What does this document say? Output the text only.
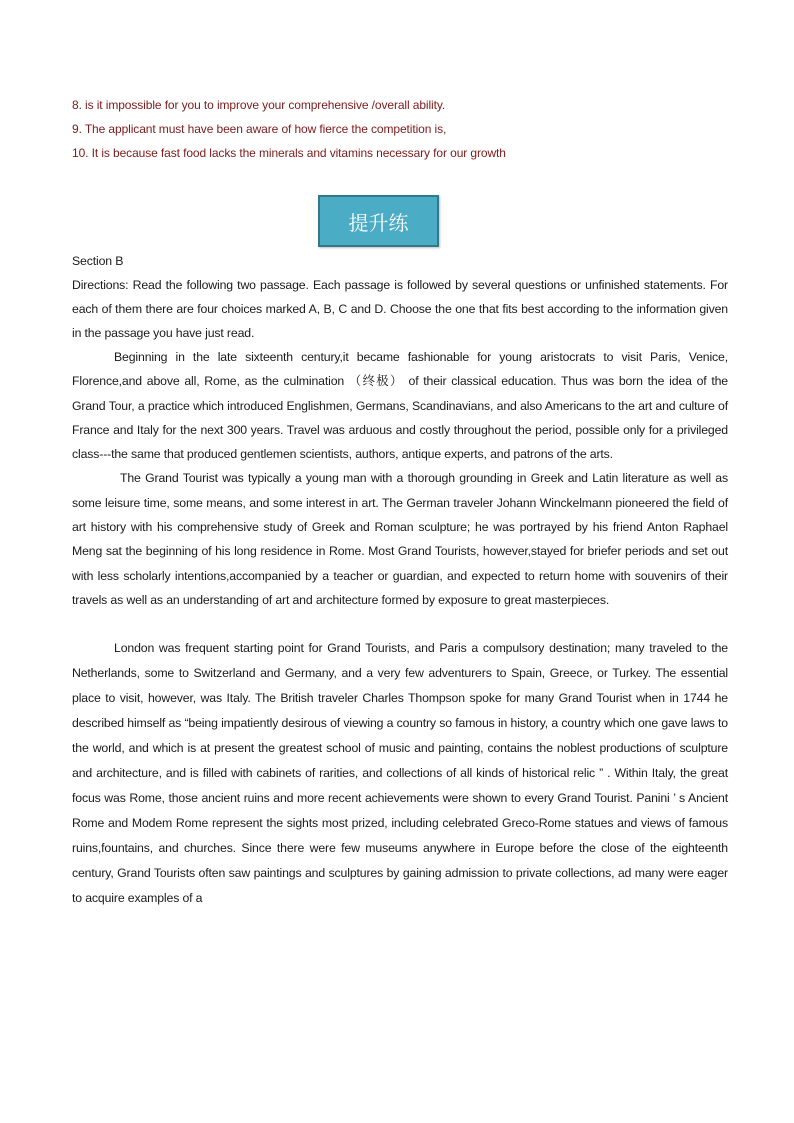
8. is it impossible for you to improve your comprehensive /overall ability.

9. The applicant must have been aware of how fierce the competition is,

10. It is because fast food lacks the minerals and vitamins necessary for our growth

提升练

Section B

Directions: Read the following two passage. Each passage is followed by several questions or unfinished statements. For each of them there are four choices marked A, B, C and D. Choose the one that fits best according to the information given in the passage you have just read.

Beginning in the late sixteenth century,it became fashionable for young aristocrats to visit Paris, Venice, Florence,and above all, Rome, as the culmination （终极） of their classical education. Thus was born the idea of the Grand Tour, a practice which introduced Englishmen, Germans, Scandinavians, and also Americans to the art and culture of France and Italy for the next 300 years. Travel was arduous and costly throughout the period, possible only for a privileged class---the same that produced gentlemen scientists, authors, antique experts, and patrons of the arts.

The Grand Tourist was typically a young man with a thorough grounding in Greek and Latin literature as well as some leisure time, some means, and some interest in art. The German traveler Johann Winckelmann pioneered the field of art history with his comprehensive study of Greek and Roman sculpture; he was portrayed by his friend Anton Raphael Meng sat the beginning of his long residence in Rome. Most Grand Tourists, however,stayed for briefer periods and set out with less scholarly intentions,accompanied by a teacher or guardian, and expected to return home with souvenirs of their travels as well as an understanding of art and architecture formed by exposure to great masterpieces.

London was frequent starting point for Grand Tourists, and Paris a compulsory destination; many traveled to the Netherlands, some to Switzerland and Germany, and a very few adventurers to Spain, Greece, or Turkey. The essential place to visit, however, was Italy. The British traveler Charles Thompson spoke for many Grand Tourist when in 1744 he described himself as “being impatiently desirous of viewing a country so famous in history, a country which one gave laws to the world, and which is at present the greatest school of music and painting, contains the noblest productions of sculpture and architecture, and is filled with cabinets of rarities, and collections of all kinds of historical relic ” . Within Italy, the great focus was Rome, those ancient ruins and more recent achievements were shown to every Grand Tourist. Panini ’ s Ancient Rome and Modem Rome represent the sights most prized, including celebrated Greco-Rome statues and views of famous ruins,fountains, and churches. Since there were few museums anywhere in Europe before the close of the eighteenth century, Grand Tourists often saw paintings and sculptures by gaining admission to private collections, ad many were eager to acquire examples of a
